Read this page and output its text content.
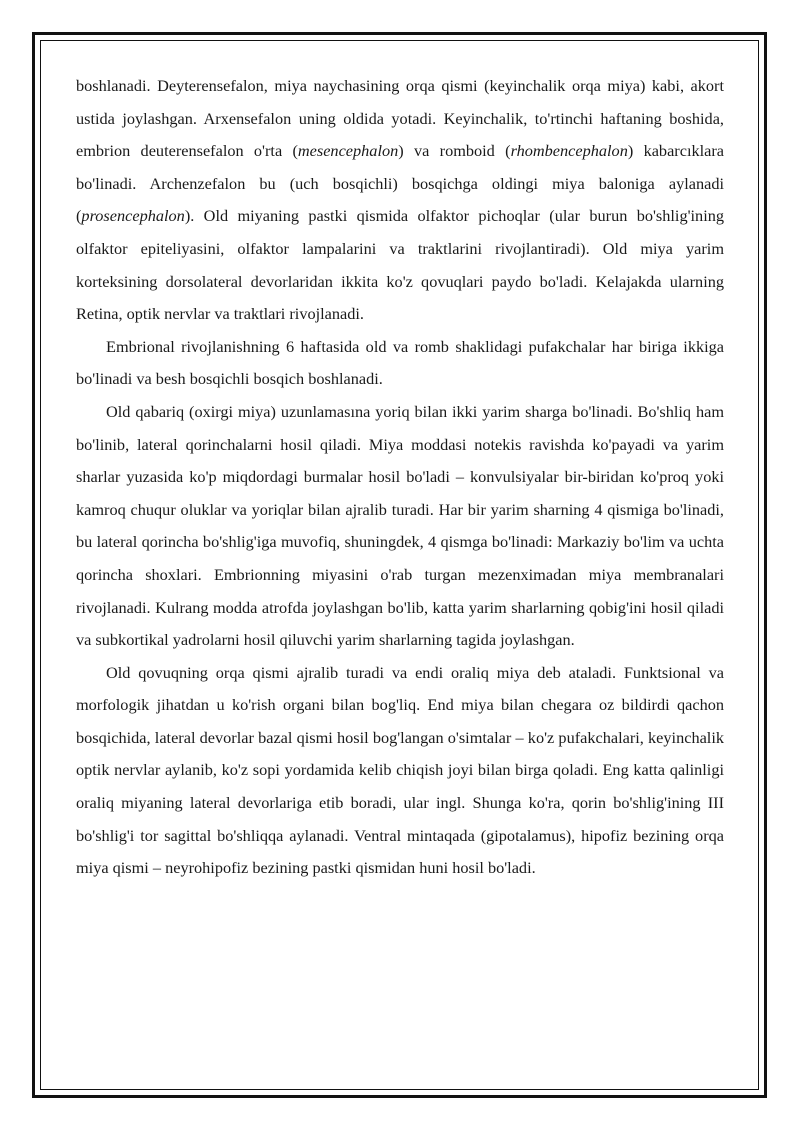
boshlanadi. Deyterensefalon, miya naychasining orqa qismi (keyinchalik orqa miya) kabi, akort ustida joylashgan. Arxensefalon uning oldida yotadi. Keyinchalik, to'rtinchi haftaning boshida, embrion deuterensefalon o'rta (mesencephalon) va romboid (rhombencephalon) kabarcıklara bo'linadi. Archenzefalon bu (uch bosqichli) bosqichga oldingi miya baloniga aylanadi (prosencephalon). Old miyaning pastki qismida olfaktor pichoqlar (ular burun bo'shlig'ining olfaktor epiteliyasini, olfaktor lampalarini va traktlarini rivojlantiradi). Old miya yarim korteksining dorsolateral devorlaridan ikkita ko'z qovuqlari paydo bo'ladi. Kelajakda ularning Retina, optik nervlar va traktlari rivojlanadi.

Embrional rivojlanishning 6 haftasida old va romb shaklidagi pufakchalar har biriga ikkiga bo'linadi va besh bosqichli bosqich boshlanadi.

Old qabariq (oxirgi miya) uzunlamasına yoriq bilan ikki yarim sharga bo'linadi. Bo'shliq ham bo'linib, lateral qorinchalarni hosil qiladi. Miya moddasi notekis ravishda ko'payadi va yarim sharlar yuzasida ko'p miqdordagi burmalar hosil bo'ladi – konvulsiyalar bir-biridan ko'proq yoki kamroq chuqur oluklar va yoriqlar bilan ajralib turadi. Har bir yarim sharning 4 qismiga bo'linadi, bu lateral qorincha bo'shlig'iga muvofiq, shuningdek, 4 qismga bo'linadi: Markaziy bo'lim va uchta qorincha shoxlari. Embrionning miyasini o'rab turgan mezenximadan miya membranalari rivojlanadi. Kulrang modda atrofda joylashgan bo'lib, katta yarim sharlarning qobig'ini hosil qiladi va subkortikal yadrolarni hosil qiluvchi yarim sharlarning tagida joylashgan.

Old qovuqning orqa qismi ajralib turadi va endi oraliq miya deb ataladi. Funktsional va morfologik jihatdan u ko'rish organi bilan bog'liq. End miya bilan chegara oz bildirdi qachon bosqichida, lateral devorlar bazal qismi hosil bog'langan o'simtalar – ko'z pufakchalari, keyinchalik optik nervlar aylanib, ko'z sopi yordamida kelib chiqish joyi bilan birga qoladi. Eng katta qalinligi oraliq miyaning lateral devorlariga etib boradi, ular ingl. Shunga ko'ra, qorin bo'shlig'ining III bo'shlig'i tor sagittal bo'shliqqa aylanadi. Ventral mintaqada (gipotalamus), hipofiz bezining orqa miya qismi – neyrohipofiz bezining pastki qismidan huni hosil bo'ladi.
